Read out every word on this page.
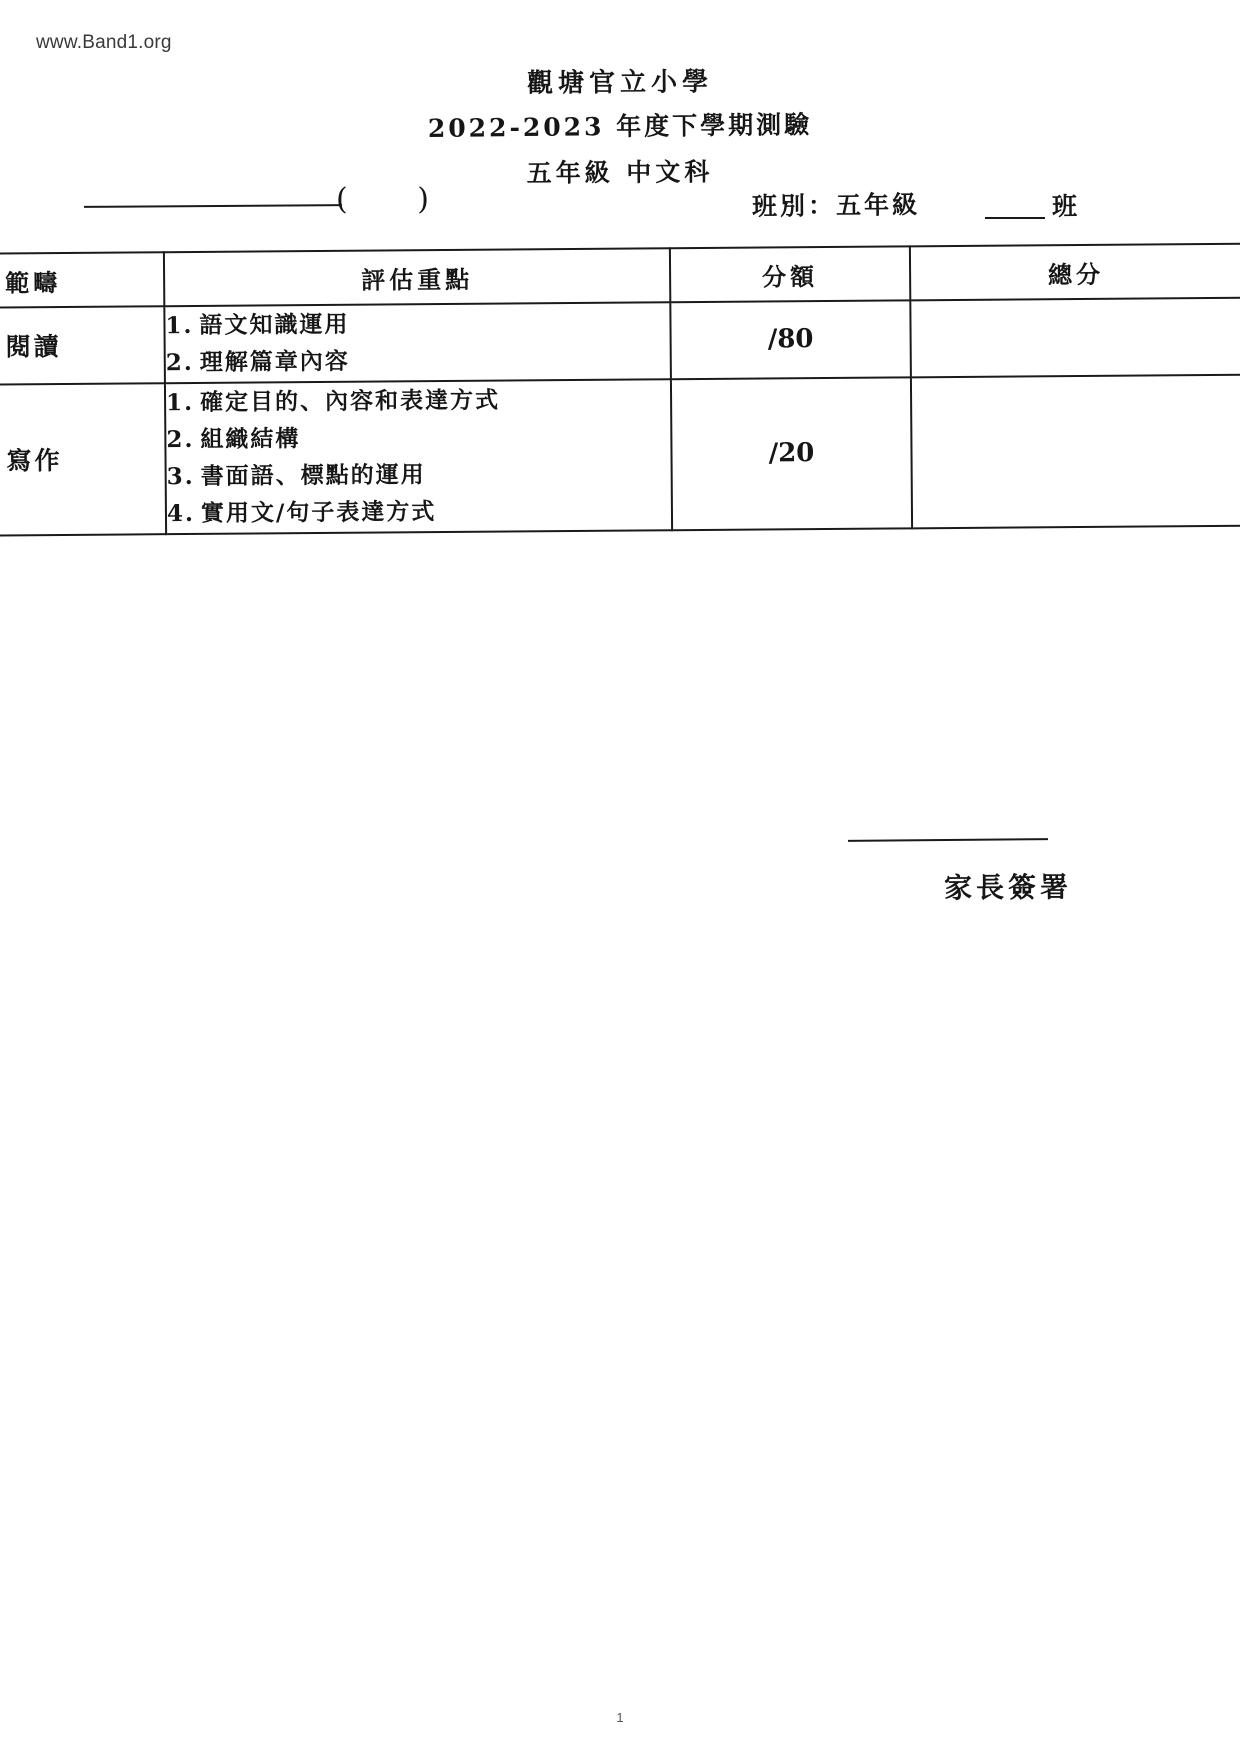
www.Band1.org
觀塘官立小學
2022-2023 年度下學期測驗
五年級 中文科
( )	班別：五年級	班
範疇	評估重點	分額	總分
閱讀	1. 語文知識運用
2. 理解篇章內容	/80	
寫作	1. 確定目的、內容和表達方式
2. 組織結構
3. 書面語、標點的運用
4. 實用文/句子表達方式	/20	
家長簽署
1
